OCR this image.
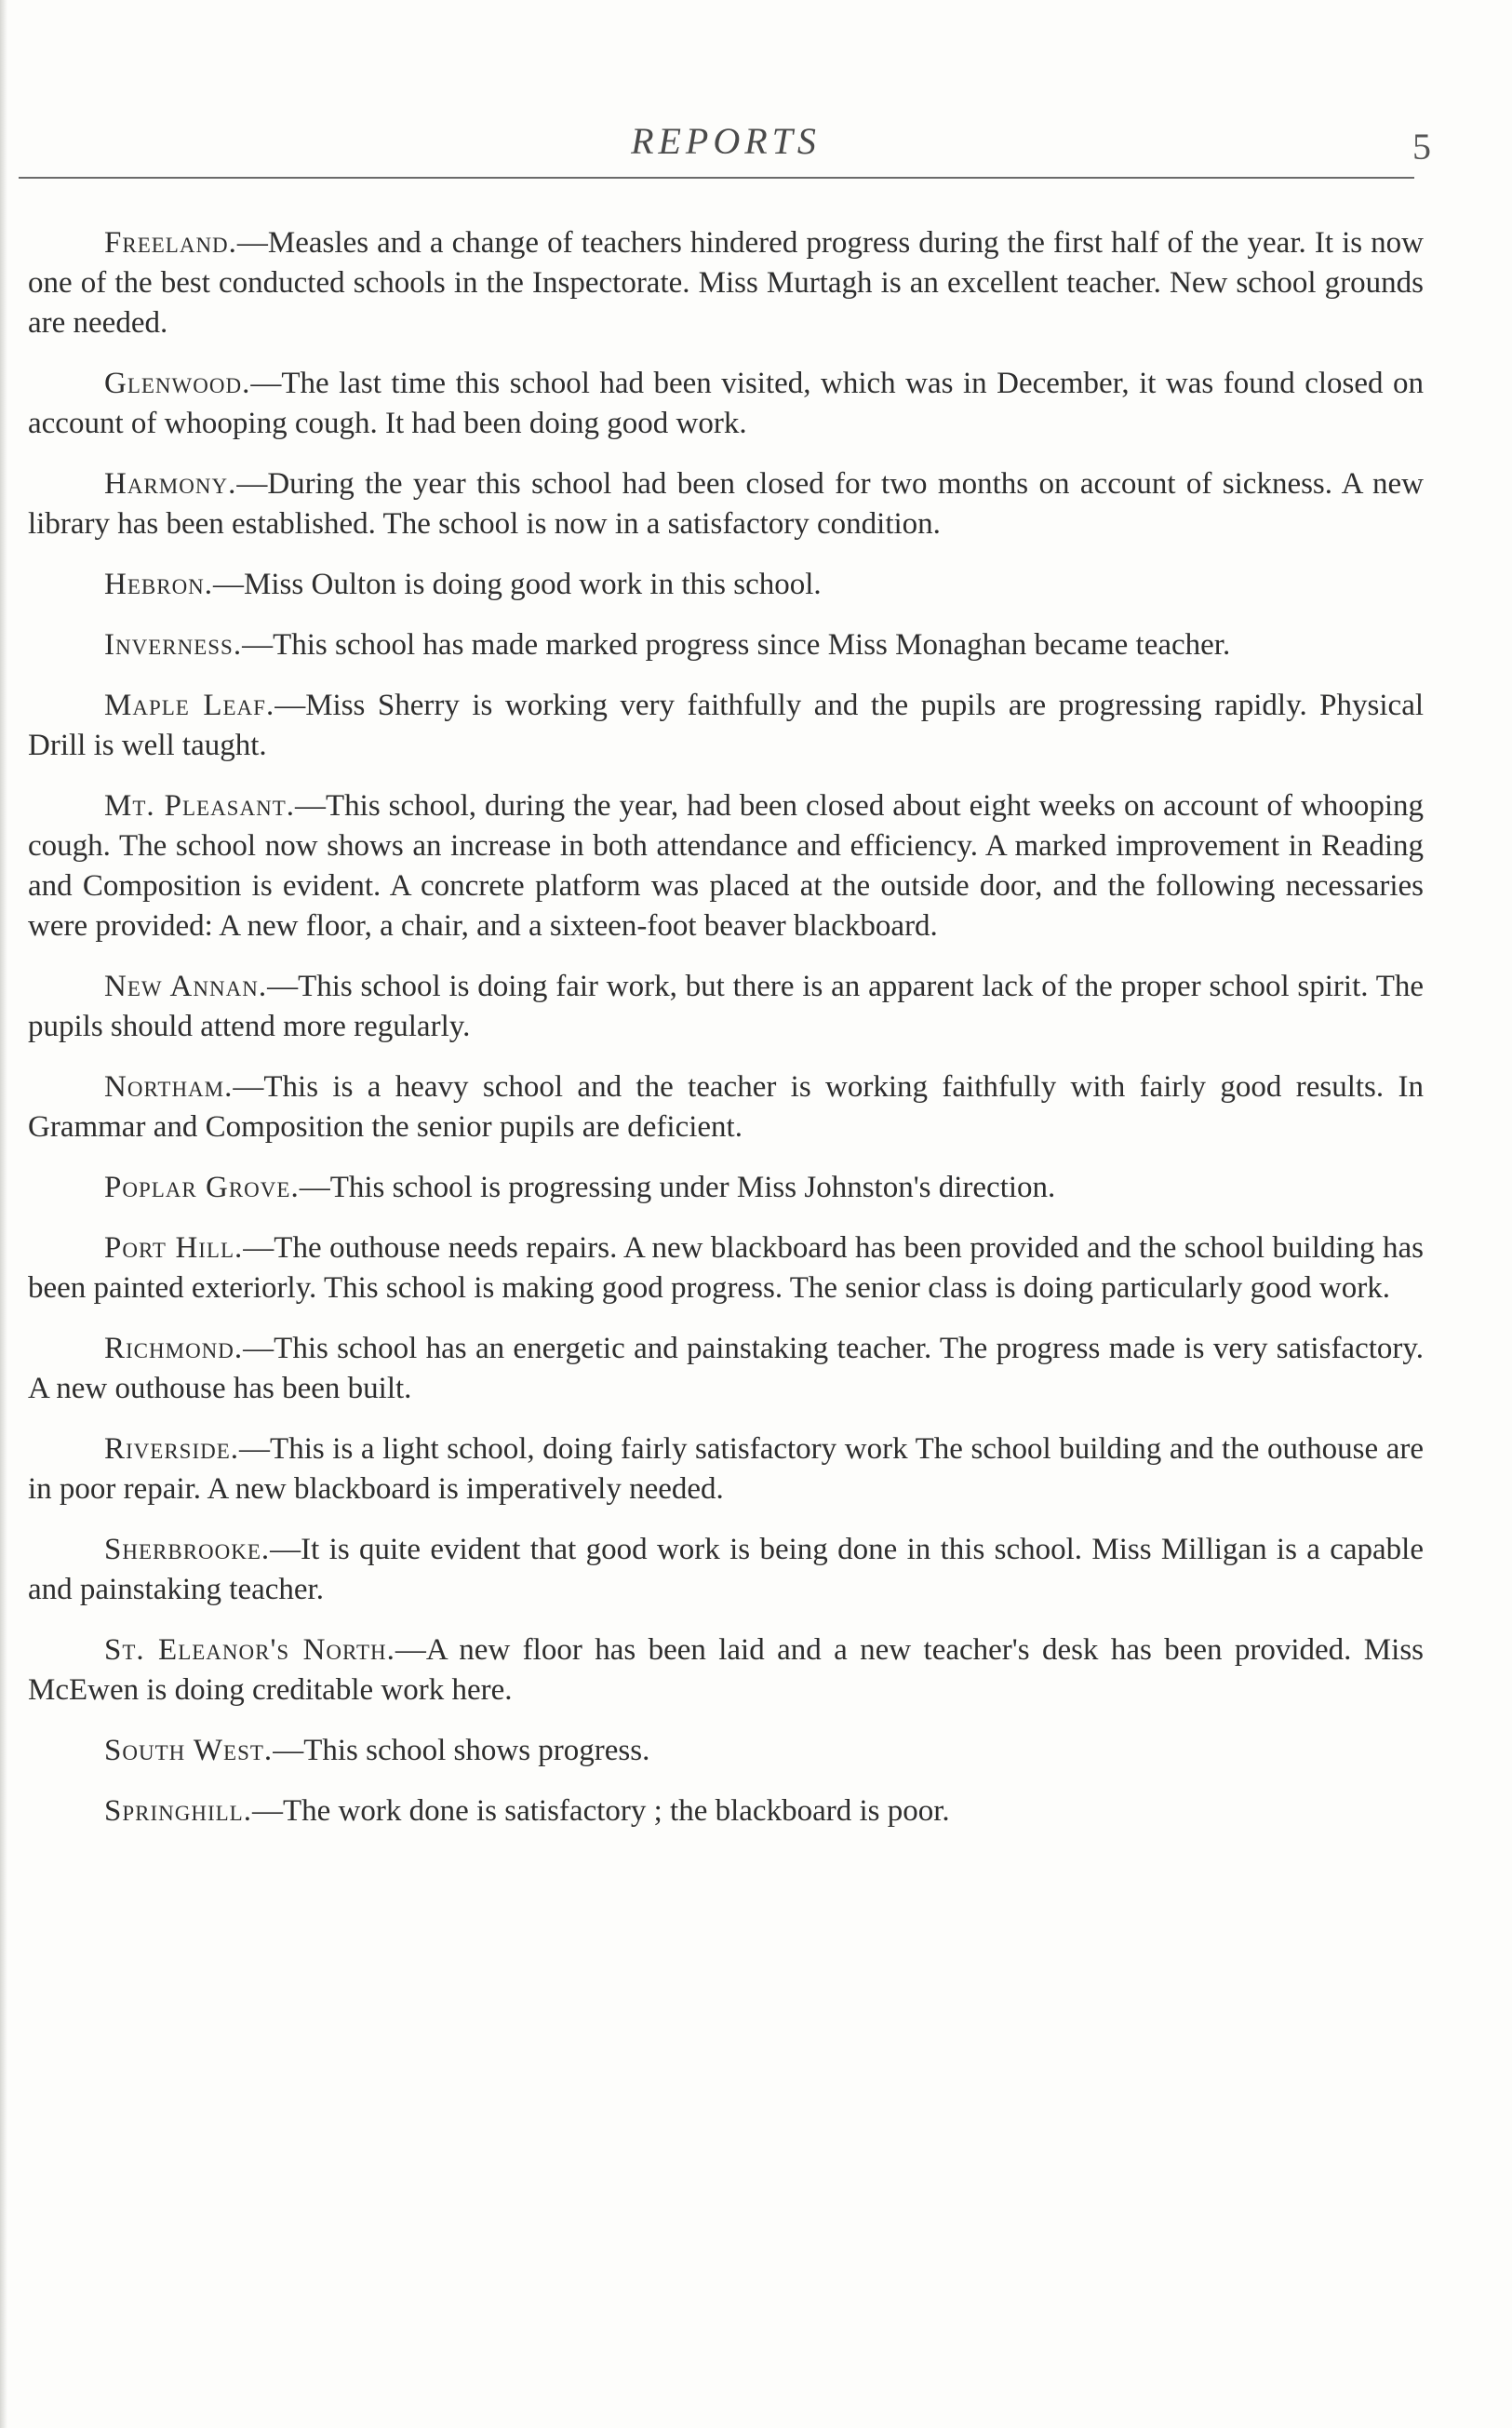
REPORTS	5

Freeland.—Measles and a change of teachers hindered progress during the first half of the year. It is now one of the best conducted schools in the Inspectorate. Miss Murtagh is an excellent teacher. New school grounds are needed.

Glenwood.—The last time this school had been visited, which was in December, it was found closed on account of whooping cough. It had been doing good work.

Harmony.—During the year this school had been closed for two months on account of sickness. A new library has been established. The school is now in a satisfactory condition.

Hebron.—Miss Oulton is doing good work in this school.

Inverness.—This school has made marked progress since Miss Monaghan became teacher.

Maple Leaf.—Miss Sherry is working very faithfully and the pupils are progressing rapidly. Physical Drill is well taught.

Mt. Pleasant.—This school, during the year, had been closed about eight weeks on account of whooping cough. The school now shows an increase in both attendance and efficiency. A marked improvement in Reading and Composition is evident. A concrete platform was placed at the outside door, and the following necessaries were provided: A new floor, a chair, and a sixteen-foot beaver blackboard.

New Annan.—This school is doing fair work, but there is an apparent lack of the proper school spirit. The pupils should attend more regularly.

Northam.—This is a heavy school and the teacher is working faithfully with fairly good results. In Grammar and Composition the senior pupils are deficient.

Poplar Grove.—This school is progressing under Miss Johnston's direction.

Port Hill.—The outhouse needs repairs. A new blackboard has been provided and the school building has been painted exteriorly. This school is making good progress. The senior class is doing particularly good work.

Richmond.—This school has an energetic and painstaking teacher. The progress made is very satisfactory. A new outhouse has been built.

Riverside.—This is a light school, doing fairly satisfactory work The school building and the outhouse are in poor repair. A new blackboard is imperatively needed.

Sherbrooke.—It is quite evident that good work is being done in this school. Miss Milligan is a capable and painstaking teacher.

St. Eleanor's North.—A new floor has been laid and a new teacher's desk has been provided. Miss McEwen is doing creditable work here.

South West.—This school shows progress.

Springhill.—The work done is satisfactory ; the blackboard is poor.
